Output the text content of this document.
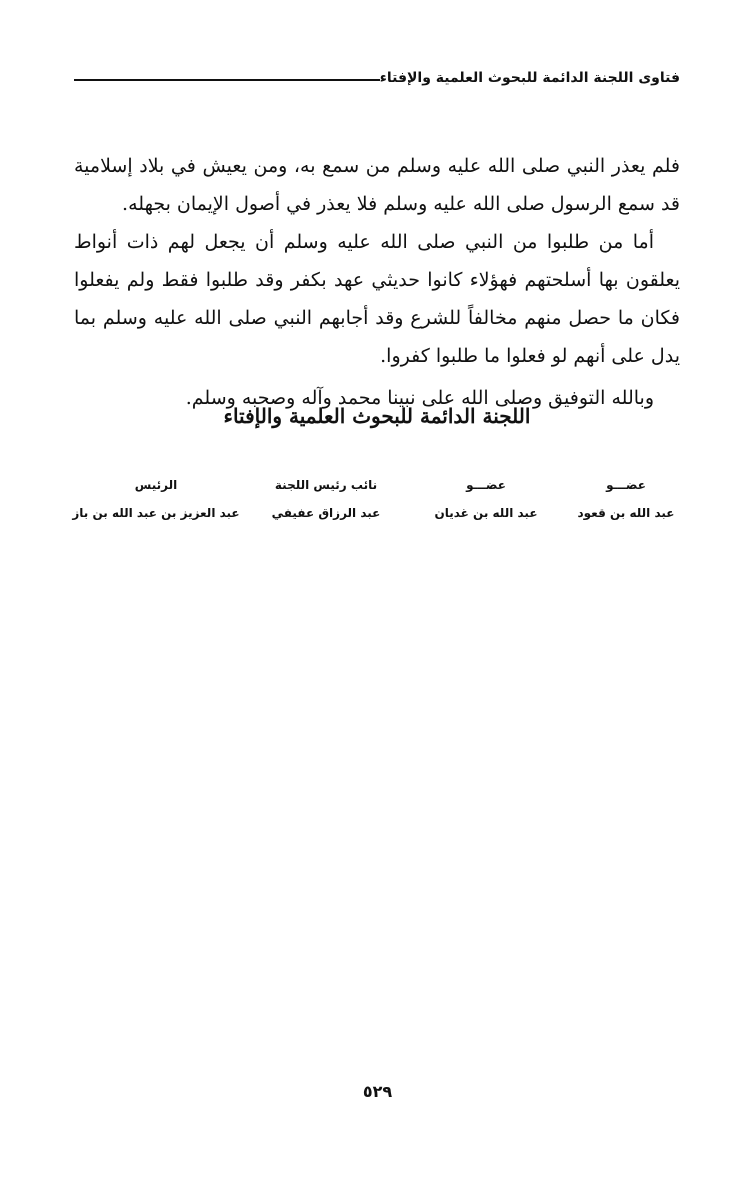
فتاوى اللجنة الدائمة للبحوث العلمية والإفتاء

فلم يعذر النبي صلى الله عليه وسلم من سمع به، ومن يعيش في بلاد إسلامية قد سمع الرسول صلى الله عليه وسلم فلا يعذر في أصول الإيمان بجهله.

أما من طلبوا من النبي صلى الله عليه وسلم أن يجعل لهم ذات أنواط يعلقون بها أسلحتهم فهؤلاء كانوا حديثي عهد بكفر وقد طلبوا فقط ولم يفعلوا فكان ما حصل منهم مخالفاً للشرع وقد أجابهم النبي صلى الله عليه وسلم بما يدل على أنهم لو فعلوا ما طلبوا كفروا.

وبالله التوفيق وصلى الله على نبينا محمد وآله وصحبه وسلم.

اللجنة الدائمة للبحوث العلمية والإفتاء
عضـــو
عبد الله بن قعود
عضـــو
عبد الله بن غديان
نائب رئيس اللجنة
عبد الرزاق عفيفي
الرئيس
عبد العزيز بن عبد الله بن باز
٥٢٩
